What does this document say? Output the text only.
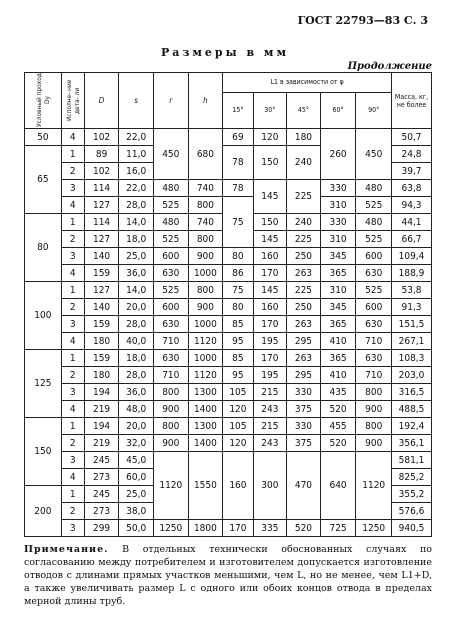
ГОСТ 22793—83 С. 3
Размеры в мм
Продолжение
Условный проход Dy	Исполне- ние дета- ли	D	s	r	h	L1 в зависимости от φ					Масса, кг, не более
						15°	30°	45°	60°	90°	
50	4	102	22,0	450	680	69	120	180	260	450	50,7
65	1	89	11,0			78	150	240			24,8
	2	102	16,0								39,7
	3	114	22,0	480	740	78	145	225	330	480	63,8
	4	127	28,0	525	800	75			310	525	94,3
80	1	114	14,0	480	740		150	240	330	480	44,1
	2	127	18,0	525	800		145	225	310	525	66,7
	3	140	25,0	600	900	80	160	250	345	600	109,4
	4	159	36,0	630	1000	86	170	263	365	630	188,9
100	1	127	14,0	525	800	75	145	225	310	525	53,8
	2	140	20,0	600	900	80	160	250	345	600	91,3
	3	159	28,0	630	1000	85	170	263	365	630	151,5
	4	180	40,0	710	1120	95	195	295	410	710	267,1
125	1	159	18,0	630	1000	85	170	263	365	630	108,3
	2	180	28,0	710	1120	95	195	295	410	710	203,0
	3	194	36,0	800	1300	105	215	330	435	800	316,5
	4	219	48,0	900	1400	120	243	375	520	900	488,5
150	1	194	20,0	800	1300	105	215	330	455	800	192,4
	2	219	32,0	900	1400	120	243	375	520	900	356,1
	3	245	45,0	1120	1550	160	300	470	640	1120	581,1
	4	273	60,0								825,2
200	1	245	25,0								355,2
	2	273	38,0								576,6
	3	299	50,0	1250	1800	170	335	520	725	1250	940,5
Примечание. В отдельных технически обоснованных случаях по согласованию между потребителем и изготовителем допускается изготовление отводов с длинами прямых участков меньшими, чем L, но не менее, чем L1+D, а также увеличивать размер L с одного или обоих концов отвода в пределах мерной длины труб.
